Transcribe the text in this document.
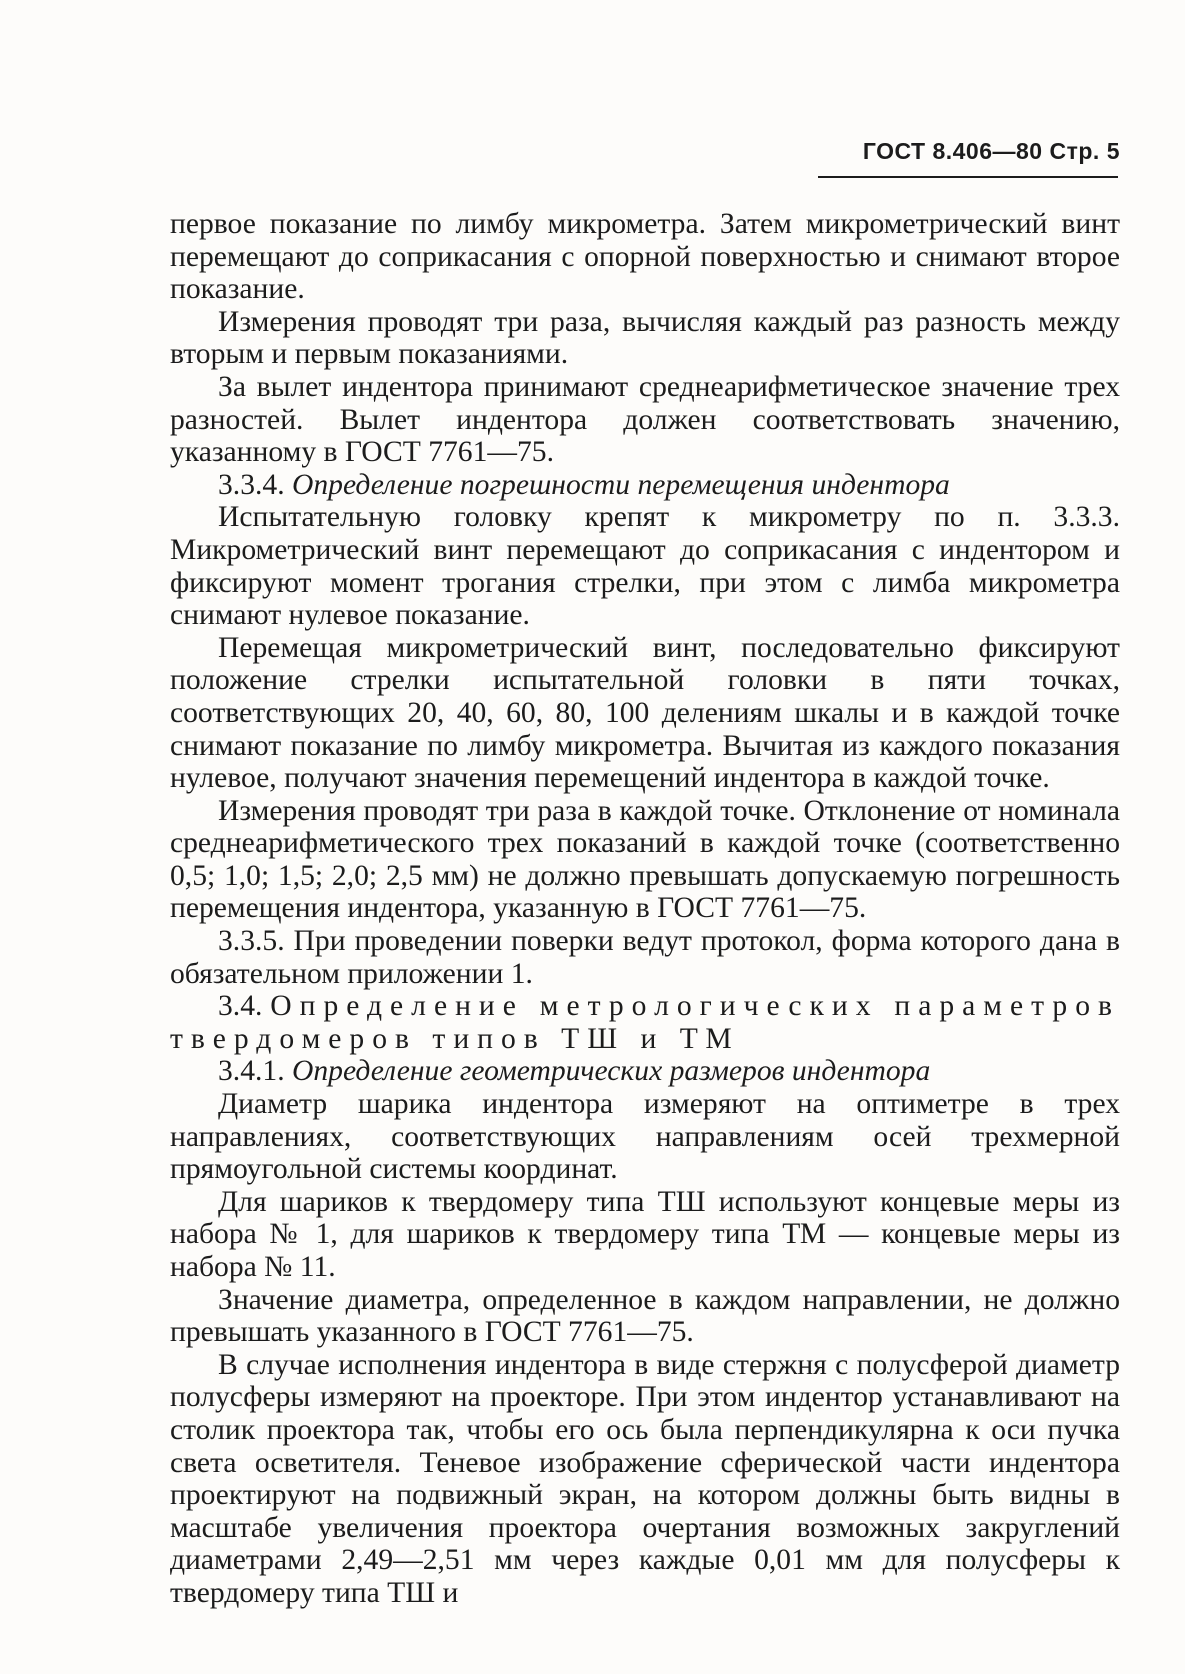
ГОСТ 8.406—80 Стр. 5

первое показание по лимбу микрометра. Затем микрометрический винт перемещают до соприкасания с опорной поверхностью и снимают второе показание.

Измерения проводят три раза, вычисляя каждый раз разность между вторым и первым показаниями.

За вылет индентора принимают среднеарифметическое значение трех разностей. Вылет индентора должен соответствовать значению, указанному в ГОСТ 7761—75.

3.3.4. Определение погрешности перемещения индентора

Испытательную головку крепят к микрометру по п. 3.3.3. Микрометрический винт перемещают до соприкасания с индентором и фиксируют момент трогания стрелки, при этом с лимба микрометра снимают нулевое показание.

Перемещая микрометрический винт, последовательно фиксируют положение стрелки испытательной головки в пяти точках, соответствующих 20, 40, 60, 80, 100 делениям шкалы и в каждой точке снимают показание по лимбу микрометра. Вычитая из каждого показания нулевое, получают значения перемещений индентора в каждой точке.

Измерения проводят три раза в каждой точке. Отклонение от номинала среднеарифметического трех показаний в каждой точке (соответственно 0,5; 1,0; 1,5; 2,0; 2,5 мм) не должно превышать допускаемую погрешность перемещения индентора, указанную в ГОСТ 7761—75.

3.3.5. При проведении поверки ведут протокол, форма которого дана в обязательном приложении 1.

3.4. Определение метрологических параметров твердомеров типов ТШ и ТМ

3.4.1. Определение геометрических размеров индентора

Диаметр шарика индентора измеряют на оптиметре в трех направлениях, соответствующих направлениям осей трехмерной прямоугольной системы координат.

Для шариков к твердомеру типа ТШ используют концевые меры из набора № 1, для шариков к твердомеру типа ТМ — концевые меры из набора № 11.

Значение диаметра, определенное в каждом направлении, не должно превышать указанного в ГОСТ 7761—75.

В случае исполнения индентора в виде стержня с полусферой диаметр полусферы измеряют на проекторе. При этом индентор устанавливают на столик проектора так, чтобы его ось была перпендикулярна к оси пучка света осветителя. Теневое изображение сферической части индентора проектируют на подвижный экран, на котором должны быть видны в масштабе увеличения проектора очертания возможных закруглений диаметрами 2,49—2,51 мм через каждые 0,01 мм для полусферы к твердомеру типа ТШ и
